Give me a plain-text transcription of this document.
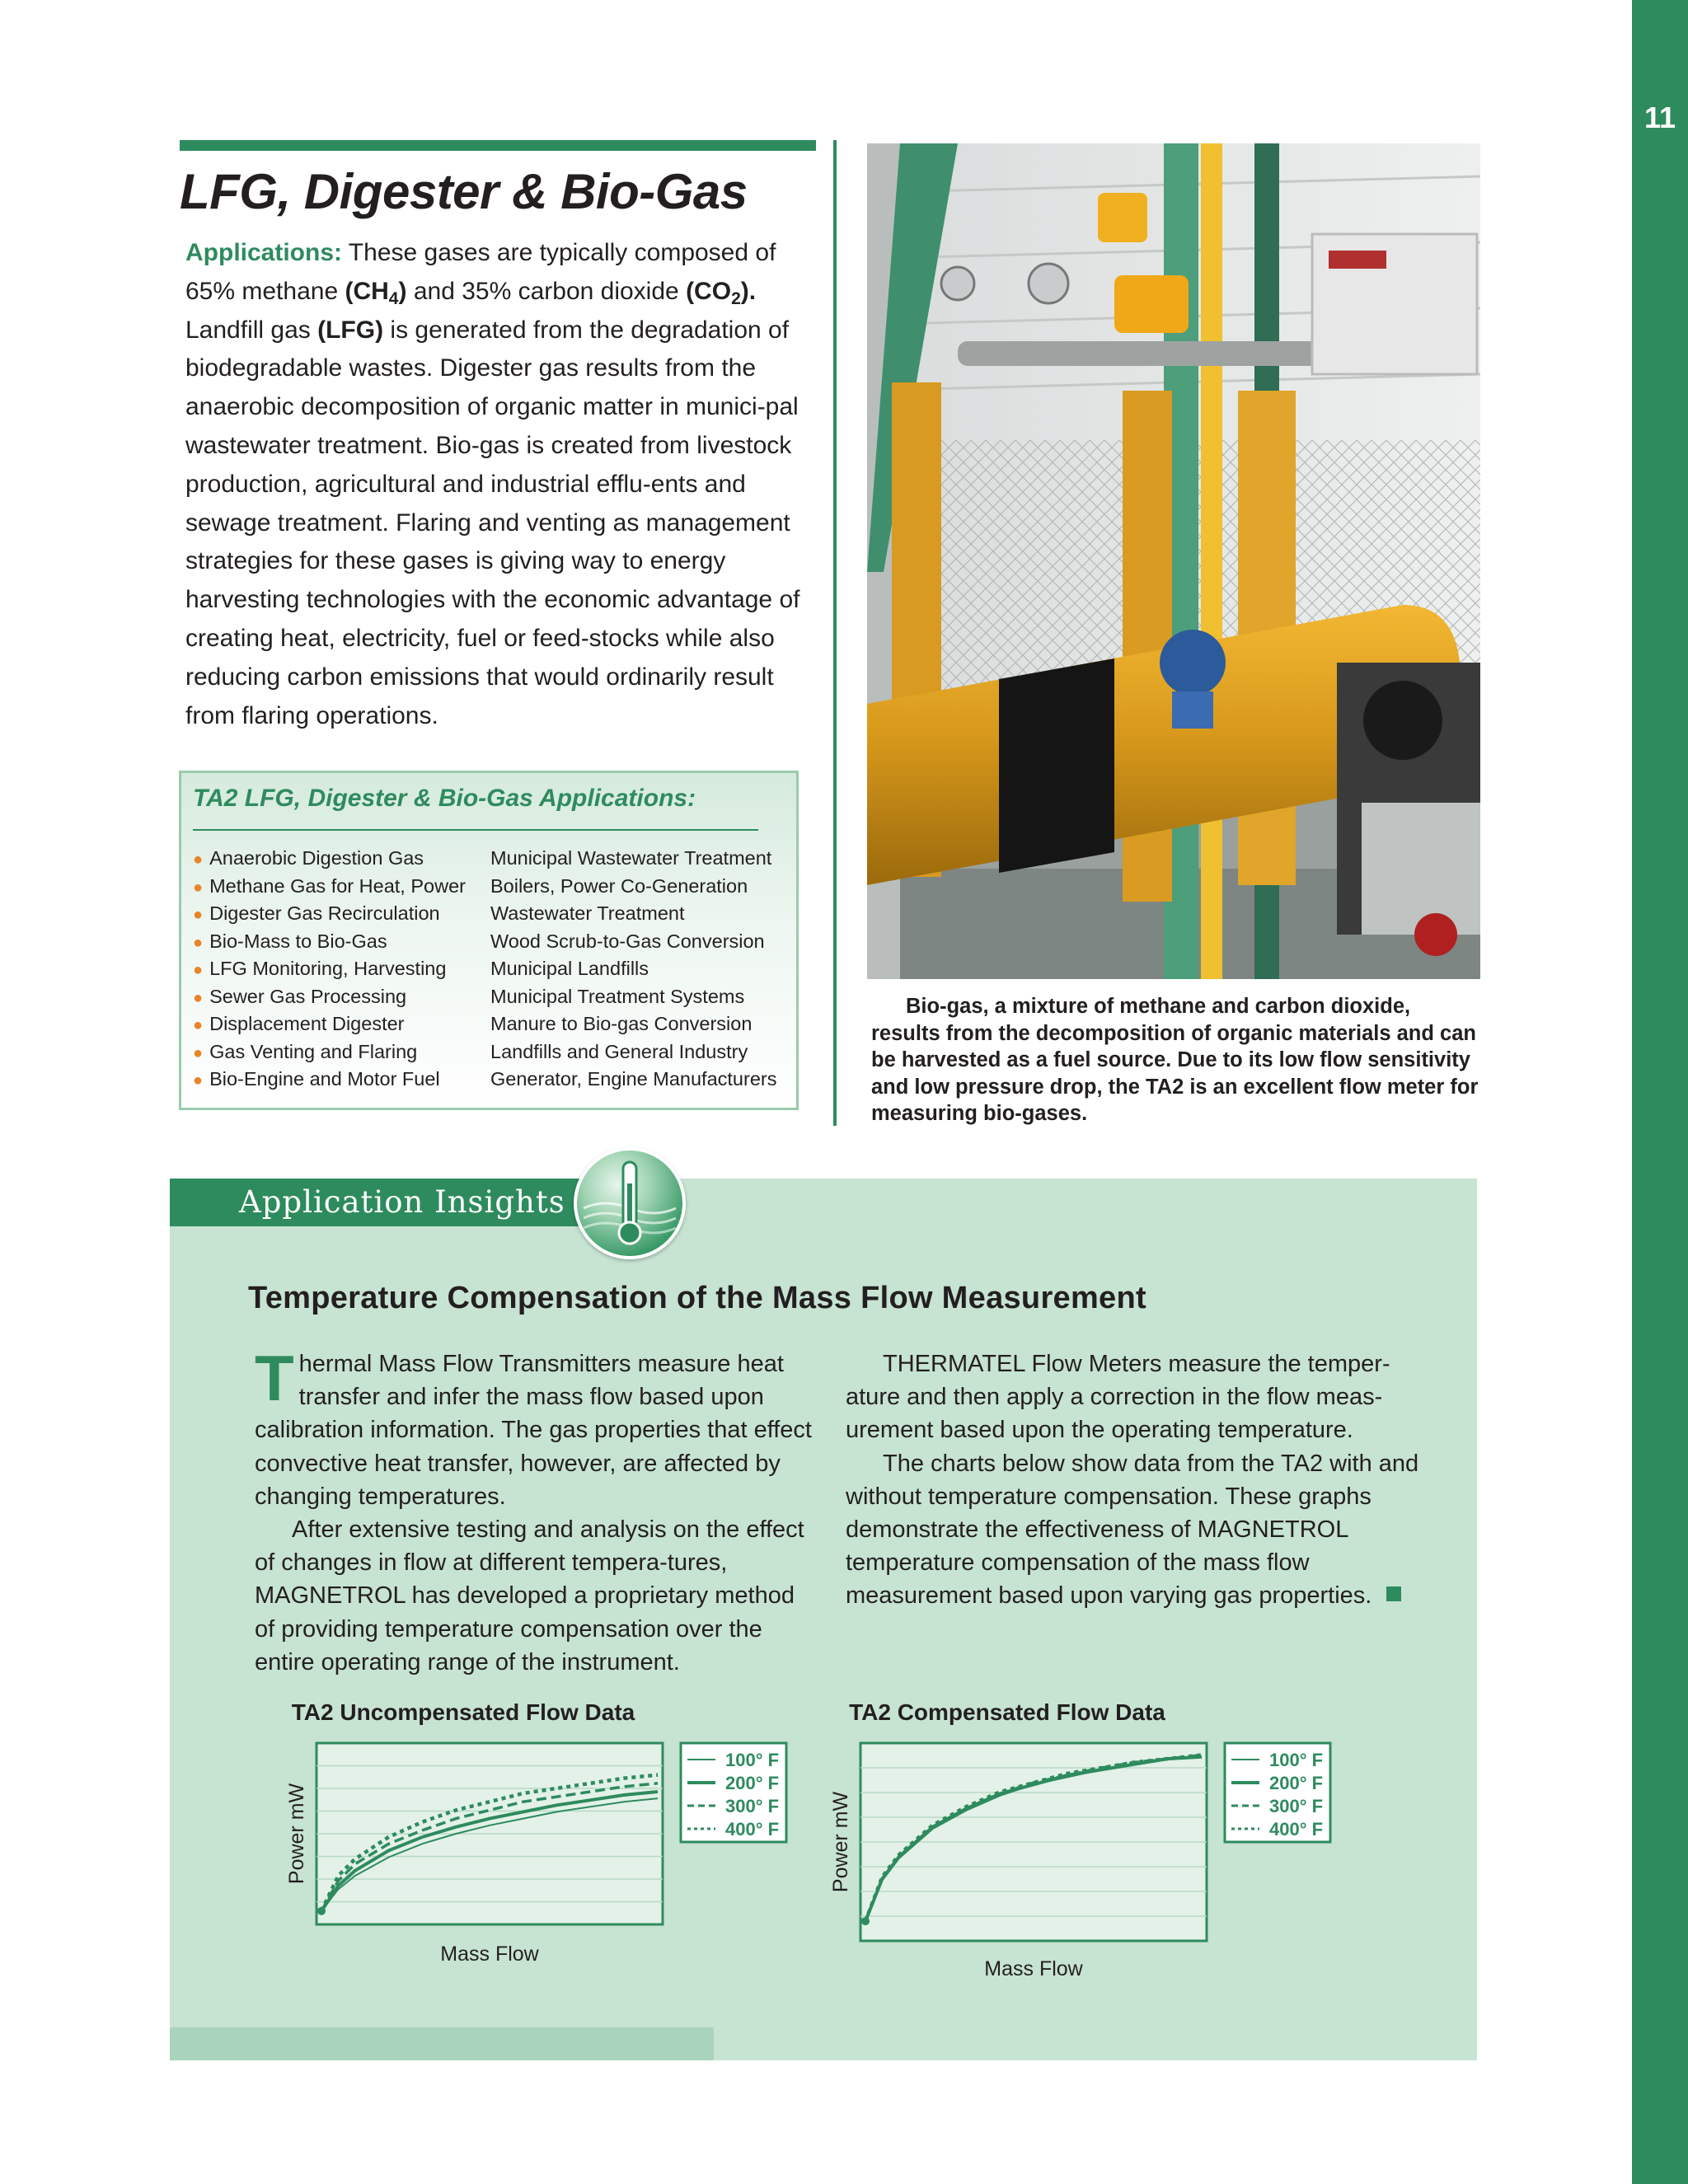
11
LFG, Digester & Bio-Gas
Applications: These gases are typically composed of 65% methane $(CH_4)$ and 35% carbon dioxide $(CO_2)$. Landfill gas (LFG) is generated from the degradation of biodegradable wastes. Digester gas results from the anaerobic decomposition of organic matter in munici-pal wastewater treatment. Bio-gas is created from livestock production, agricultural and industrial efflu-ents and sewage treatment. Flaring and venting as management strategies for these gases is giving way to energy harvesting technologies with the economic advantage of creating heat, electricity, fuel or feed-stocks while also reducing carbon emissions that would ordinarily result from flaring operations.
TA2 LFG, Digester & Bio-Gas Applications:
● Anaerobic Digestion Gas
● Methane Gas for Heat, Power
● Digester Gas Recirculation
● Bio-Mass to Bio-Gas
● LFG Monitoring, Harvesting
● Sewer Gas Processing
● Displacement Digester
● Gas Venting and Flaring
● Bio-Engine and Motor Fuel
Municipal Wastewater Treatment
Boilers, Power Co-Generation
Wastewater Treatment
Wood Scrub-to-Gas Conversion
Municipal Landfills
Municipal Treatment Systems
Manure to Bio-gas Conversion
Landfills and General Industry
Generator, Engine Manufacturers

Bio-gas, a mixture of methane and carbon dioxide, results from the decomposition of organic materials and can be harvested as a fuel source. Due to its low flow sensitivity and low pressure drop, the TA2 is an excellent flow meter for measuring bio-gases.

Application Insights
Temperature Compensation of the Mass Flow Measurement

Thermal Mass Flow Transmitters measure heat transfer and infer the mass flow based upon calibration information. The gas properties that effect convective heat transfer, however, are affected by changing temperatures.

After extensive testing and analysis on the effect of changes in flow at different tempera-tures, MAGNETROL has developed a proprietary method of providing temperature compensation over the entire operating range of the instrument.

THERMATEL Flow Meters measure the temper-ature and then apply a correction in the flow meas-urement based upon the operating temperature.

The charts below show data from the TA2 with and without temperature compensation. These graphs demonstrate the effectiveness of MAGNETROL temperature compensation of the mass flow measurement based upon varying gas properties.

TA2 Uncompensated Flow Data
Mass Flow
Power mW
100° F
200° F
300° F
400° F
TA2 Compensated Flow Data
Mass Flow
Power mW
100° F
200° F
300° F
400° F
